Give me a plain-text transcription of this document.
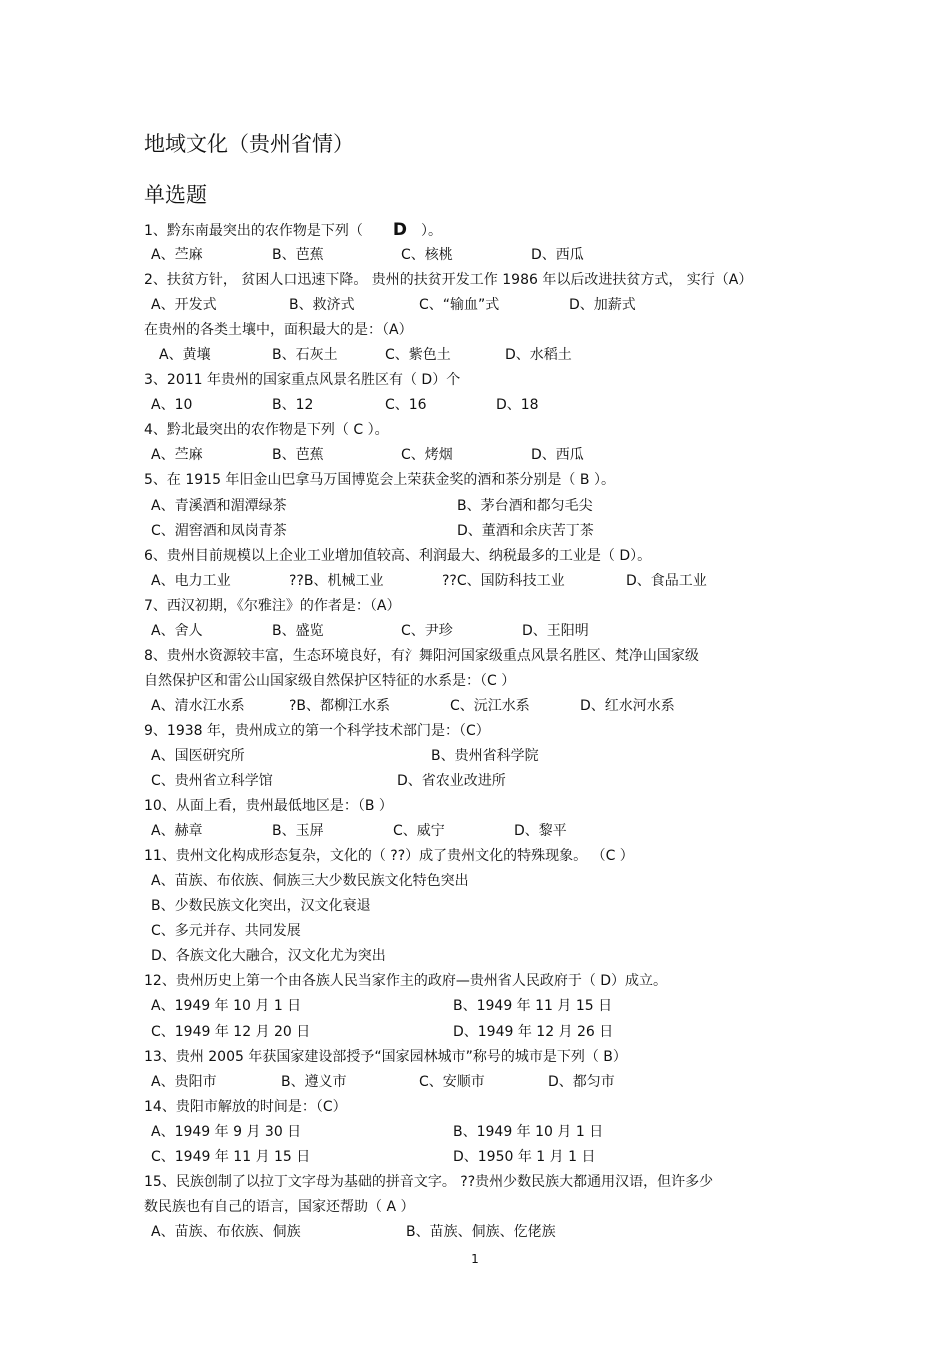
地域文化（贵州省情）
单选题
1、黔东南最突出的农作物是下列（ D ）。
A、苎麻	B、芭蕉	C、核桃	D、西瓜
2、扶贫方针， 贫困人口迅速下降。 贵州的扶贫开发工作 1986 年以后改进扶贫方式， 实行（A）
A、开发式	B、救济式	C、“输血”式	D、加薪式
在贵州的各类土壤中，面积最大的是：（A）
A、黄壤	B、石灰土	C、紫色土	D、水稻土
3、2011 年贵州的国家重点风景名胜区有（ D）个
A、10	B、12	C、16	D、18
4、黔北最突出的农作物是下列（ C ）。
A、苎麻	B、芭蕉	C、烤烟	D、西瓜
5、在 1915 年旧金山巴拿马万国博览会上荣获金奖的酒和茶分别是（ B ）。
A、青溪酒和湄潭绿茶	B、茅台酒和都匀毛尖
C、湄窖酒和凤岗青茶	D、董酒和余庆苦丁茶
6、贵州目前规模以上企业工业增加值较高、利润最大、纳税最多的工业是（ D）。
A、电力工业	??B、机械工业	??C、国防科技工业	D、食品工业
7、西汉初期，《尔雅注》的作者是：（A）
A、舍人	B、盛览	C、尹珍	D、王阳明
8、贵州水资源较丰富，生态环境良好，有氵舞阳河国家级重点风景名胜区、梵净山国家级
自然保护区和雷公山国家级自然保护区特征的水系是：（C ）
A、清水江水系	?B、都柳江水系	C、沅江水系	D、红水河水系
9、1938 年，贵州成立的第一个科学技术部门是：（C）
A、国医研究所	B、贵州省科学院
C、贵州省立科学馆	D、省农业改进所
10、从面上看，贵州最低地区是：（B ）
A、赫章	B、玉屏	C、威宁	D、黎平
11、贵州文化构成形态复杂，文化的（ ??）成了贵州文化的特殊现象。 （C ）
A、苗族、布依族、侗族三大少数民族文化特色突出
B、少数民族文化突出，汉文化衰退
C、多元并存、共同发展
D、各族文化大融合，汉文化尤为突出
12、贵州历史上第一个由各族人民当家作主的政府—贵州省人民政府于（ D）成立。
A、1949 年 10 月 1 日	B、1949 年 11 月 15 日
C、1949 年 12 月 20 日	D、1949 年 12 月 26 日
13、贵州 2005 年获国家建设部授予“国家园林城市”称号的城市是下列（ B）
A、贵阳市	B、遵义市	C、安顺市	D、都匀市
14、贵阳市解放的时间是：（C）
A、1949 年 9 月 30 日	B、1949 年 10 月 1 日
C、1949 年 11 月 15 日	D、1950 年 1 月 1 日
15、民族创制了以拉丁文字母为基础的拼音文字。 ??贵州少数民族大都通用汉语，但许多少
数民族也有自己的语言，国家还帮助（ A ）
A、苗族、布依族、侗族	B、苗族、侗族、仡佬族
1
